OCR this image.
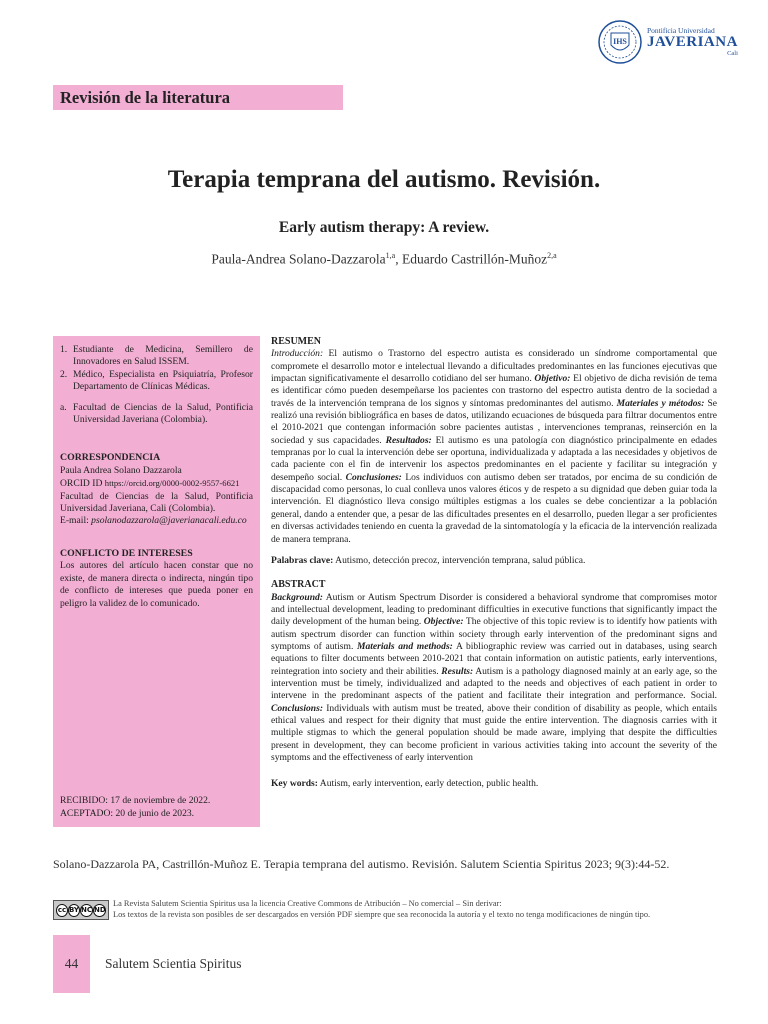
IHS
Pontificia Universidad
JAVERIANA
Cali
Revisión de la literatura
Terapia temprana del autismo. Revisión.
Early autism therapy: A review.
Paula-Andrea Solano-Dazzarola$^{1,a}$, Eduardo Castrillón-Muñoz$^{2,a}$
1. Estudiante de Medicina, Semillero de Innovadores en Salud ISSEM.
2. Médico, Especialista en Psiquiatría, Profesor Departamento de Clínicas Médicas.
a. Facultad de Ciencias de la Salud, Pontificia Universidad Javeriana (Colombia).
CORRESPONDENCIA
Paula Andrea Solano Dazzarola
ORCID ID https://orcid.org/0000-0002-9557-6621
Facultad de Ciencias de la Salud, Pontificia Universidad Javeriana, Cali (Colombia).
E-mail: psolanodazzarola@javerianacali.edu.co
CONFLICTO DE INTERESES
Los autores del artículo hacen constar que no existe, de manera directa o indirecta, ningún tipo de conflicto de intereses que pueda poner en peligro la validez de lo comunicado.
RECIBIDO: 17 de noviembre de 2022.
ACEPTADO: 20 de junio de 2023.
RESUMEN

Introducción: El autismo o Trastorno del espectro autista es considerado un síndrome comportamental que compromete el desarrollo motor e intelectual llevando a dificultades predominantes en las funciones ejecutivas que impactan significativamente el desarrollo cotidiano del ser humano. Objetivo: El objetivo de dicha revisión de tema es identificar cómo pueden desempeñarse los pacientes con trastorno del espectro autista dentro de la sociedad a través de la intervención temprana de los signos y síntomas predominantes del autismo. Materiales y métodos: Se realizó una revisión bibliográfica en bases de datos, utilizando ecuaciones de búsqueda para filtrar documentos entre el 2010-2021 que contengan información sobre pacientes autistas , intervenciones tempranas, reinserción en la sociedad y sus capacidades. Resultados: El autismo es una patología con diagnóstico principalmente en edades tempranas por lo cual la intervención debe ser oportuna, individualizada y adaptada a las necesidades y objetivos de cada paciente con el fin de intervenir los aspectos predominantes en el paciente y facilitar su integración y desempeño social. Conclusiones: Los individuos con autismo deben ser tratados, por encima de su condición de discapacidad como personas, lo cual conlleva unos valores éticos y de respeto a su dignidad que deben guiar toda la intervención. El diagnóstico lleva consigo múltiples estigmas a los cuales se debe concientizar a la población general, dando a entender que, a pesar de las dificultades presentes en el desarrollo, pueden llegar a ser proficientes en diversas actividades teniendo en cuenta la gravedad de la sintomatología y la eficacia de la intervención realizada de manera temprana.

Palabras clave: Autismo, detección precoz, intervención temprana, salud pública.

ABSTRACT

Background: Autism or Autism Spectrum Disorder is considered a behavioral syndrome that compromises motor and intellectual development, leading to predominant difficulties in executive functions that significantly impact the daily development of the human being. Objective: The objective of this topic review is to identify how patients with autism spectrum disorder can function within society through early intervention of the predominant signs and symptoms of autism. Materials and methods: A bibliographic review was carried out in databases, using search equations to filter documents between 2010-2021 that contain information on autistic patients, early interventions, reintegration into society and their abilities. Results: Autism is a pathology diagnosed mainly at an early age, so the intervention must be timely, individualized and adapted to the needs and objectives of each patient in order to intervene in the predominant aspects of the patient and facilitate their integration and performance. Social. Conclusions: Individuals with autism must be treated, above their condition of disability as people, which entails ethical values and respect for their dignity that must guide the entire intervention. The diagnosis carries with it multiple stigmas to which the general population should be made aware, implying that despite the difficulties present in development, they can become proficient in various activities taking into account the severity of the symptoms and the effectiveness of early intervention

Key words: Autism, early intervention, early detection, public health.

Solano-Dazzarola PA, Castrillón-Muñoz E. Terapia temprana del autismo. Revisión. Salutem Scientia Spiritus 2023; 9(3):44-52.
cc BY NC ND
La Revista Salutem Scientia Spiritus usa la licencia Creative Commons de Atribución – No comercial – Sin derivar:
Los textos de la revista son posibles de ser descargados en versión PDF siempre que sea reconocida la autoría y el texto no tenga modificaciones de ningún tipo.
44	Salutem Scientia Spiritus
